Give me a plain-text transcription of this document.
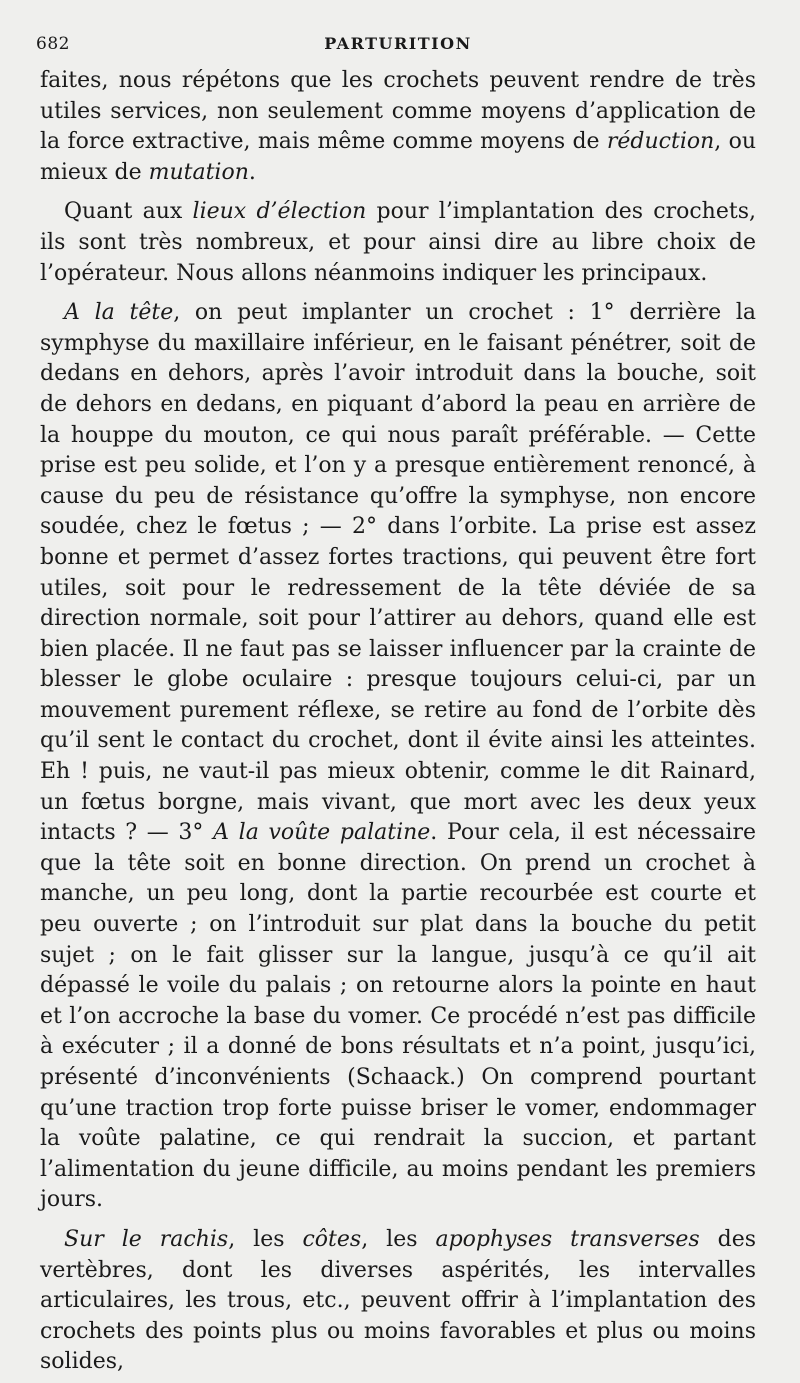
682	PARTURITION

faites, nous répétons que les crochets peuvent rendre de très utiles services, non seulement comme moyens d’application de la force extractive, mais même comme moyens de réduction, ou mieux de mutation.

Quant aux lieux d’élection pour l’implantation des crochets, ils sont très nombreux, et pour ainsi dire au libre choix de l’opérateur. Nous allons néanmoins indiquer les principaux.

A la tête, on peut implanter un crochet : 1° derrière la symphyse du maxillaire inférieur, en le faisant pénétrer, soit de dedans en dehors, après l’avoir introduit dans la bouche, soit de dehors en dedans, en piquant d’abord la peau en arrière de la houppe du mouton, ce qui nous paraît préférable. — Cette prise est peu solide, et l’on y a presque entièrement renoncé, à cause du peu de résistance qu’offre la symphyse, non encore soudée, chez le fœtus ; — 2° dans l’orbite. La prise est assez bonne et permet d’assez fortes tractions, qui peuvent être fort utiles, soit pour le redressement de la tête déviée de sa direction normale, soit pour l’attirer au dehors, quand elle est bien placée. Il ne faut pas se laisser influencer par la crainte de blesser le globe oculaire : presque toujours celui-ci, par un mouvement purement réflexe, se retire au fond de l’orbite dès qu’il sent le contact du crochet, dont il évite ainsi les atteintes. Eh ! puis, ne vaut-il pas mieux obtenir, comme le dit Rainard, un fœtus borgne, mais vivant, que mort avec les deux yeux intacts ? — 3° A la voûte palatine. Pour cela, il est nécessaire que la tête soit en bonne direction. On prend un crochet à manche, un peu long, dont la partie recourbée est courte et peu ouverte ; on l’introduit sur plat dans la bouche du petit sujet ; on le fait glisser sur la langue, jusqu’à ce qu’il ait dépassé le voile du palais ; on retourne alors la pointe en haut et l’on accroche la base du vomer. Ce procédé n’est pas difficile à exécuter ; il a donné de bons résultats et n’a point, jusqu’ici, présenté d’inconvénients (Schaack.) On comprend pourtant qu’une traction trop forte puisse briser le vomer, endommager la voûte palatine, ce qui rendrait la succion, et partant l’alimentation du jeune difficile, au moins pendant les premiers jours.

Sur le rachis, les côtes, les apophyses transverses des vertèbres, dont les diverses aspérités, les intervalles articulaires, les trous, etc., peuvent offrir à l’implantation des crochets des points plus ou moins favorables et plus ou moins solides,
